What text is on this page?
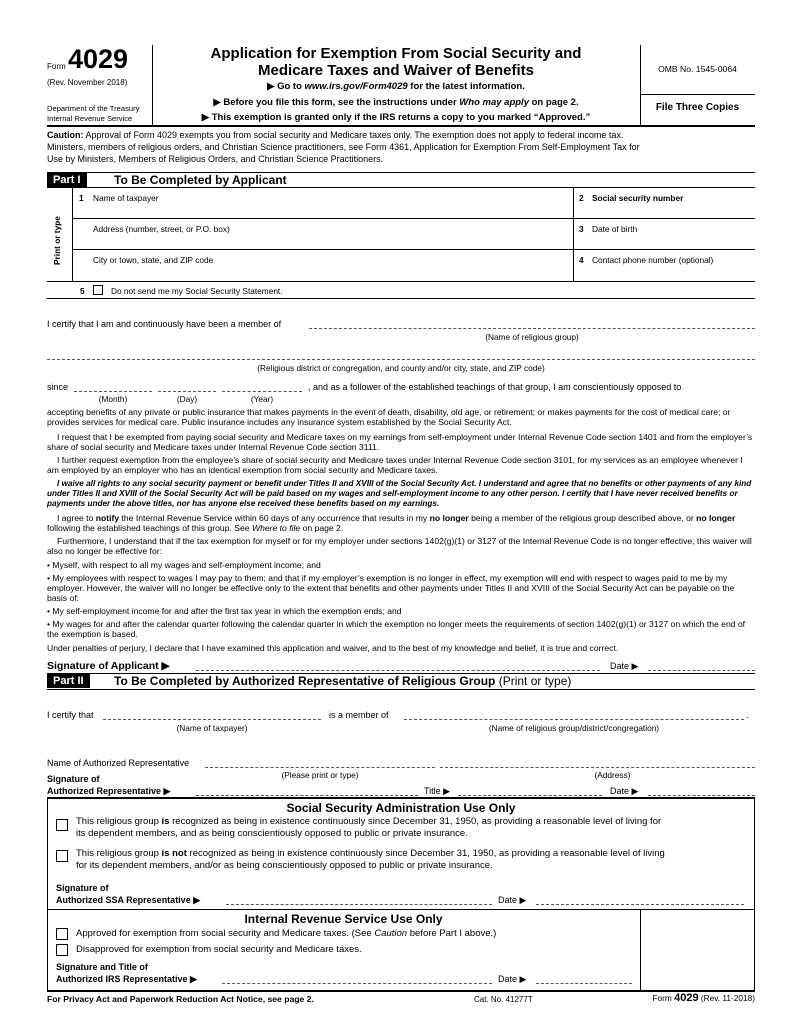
Form 4029
(Rev. November 2018)
Department of the Treasury
Internal Revenue Service
Application for Exemption From Social Security and
Medicare Taxes and Waiver of Benefits
▶ Go to www.irs.gov/Form4029 for the latest information.
▶ Before you file this form, see the instructions under Who may apply on page 2.
▶ This exemption is granted only if the IRS returns a copy to you marked “Approved.”
OMB No. 1545-0064
File Three Copies
Caution: Approval of Form 4029 exempts you from social security and Medicare taxes only. The exemption does not apply to federal income tax.
Ministers, members of religious orders, and Christian Science practitioners, see Form 4361, Application for Exemption From Self-Employment Tax for
Use by Ministers, Members of Religious Orders, and Christian Science Practitioners.
Part I	To Be Completed by Applicant
Print or type
1 Name of taxpayer	2 Social security number
Address (number, street, or P.O. box)	3 Date of birth
City or town, state, and ZIP code	4 Contact phone number (optional)
5	Do not send me my Social Security Statement.
I certify that I am and continuously have been a member of
(Name of religious group)
(Religious district or congregation, and county and/or city, state, and ZIP code)
since	, and as a follower of the established teachings of that group, I am conscientiously opposed to
(Month)	(Day)	(Year)
accepting benefits of any private or public insurance that makes payments in the event of death, disability, old age, or retirement; or makes payments for the cost of medical care; or provides services for medical care. Public insurance includes any insurance system established by the Social Security Act.
I request that I be exempted from paying social security and Medicare taxes on my earnings from self-employment under Internal Revenue Code section 1401 and from the employer’s share of social security and Medicare taxes under Internal Revenue Code section 3111.
I further request exemption from the employee’s share of social security and Medicare taxes under Internal Revenue Code section 3101, for my services as an employee whenever I am employed by an employer who has an identical exemption from social security and Medicare taxes.
I waive all rights to any social security payment or benefit under Titles II and XVIII of the Social Security Act. I understand and agree that no benefits or other payments of any kind under Titles II and XVIII of the Social Security Act will be paid based on my wages and self-employment income to any other person. I certify that I have never received benefits or payments under the above titles, nor has anyone else received these benefits based on my earnings.
I agree to notify the Internal Revenue Service within 60 days of any occurrence that results in my no longer being a member of the religious group described above, or no longer following the established teachings of this group. See Where to file on page 2.
Furthermore, I understand that if the tax exemption for myself or for my employer under sections 1402(g)(1) or 3127 of the Internal Revenue Code is no longer effective, this waiver will also no longer be effective for:
• Myself, with respect to all my wages and self-employment income; and
• My employees with respect to wages I may pay to them; and that if my employer’s exemption is no longer in effect, my exemption will end with respect to wages paid to me by my employer. However, the waiver will no longer be effective only to the extent that benefits and other payments under Titles II and XVIII of the Social Security Act can be payable on the basis of:
• My self-employment income for and after the first tax year in which the exemption ends; and
• My wages for and after the calendar quarter following the calendar quarter in which the exemption no longer meets the requirements of section 1402(g)(1) or 3127 on which the end of the exemption is based.
Under penalties of perjury, I declare that I have examined this application and waiver, and to the best of my knowledge and belief, it is true and correct.
Signature of Applicant ▶	Date ▶
Part II	To Be Completed by Authorized Representative of Religious Group (Print or type)
I certify that	is a member of	.
(Name of taxpayer)	(Name of religious group/district/congregation)
Name of Authorized Representative
(Please print or type)	(Address)
Signature of
Authorized Representative ▶	Title ▶	Date ▶
Social Security Administration Use Only
This religious group is recognized as being in existence continuously since December 31, 1950, as providing a reasonable level of living for
its dependent members, and as being conscientiously opposed to public or private insurance.
This religious group is not recognized as being in existence continuously since December 31, 1950, as providing a reasonable level of living
for its dependent members, and/or as being conscientiously opposed to public or private insurance.
Signature of
Authorized SSA Representative ▶	Date ▶
Internal Revenue Service Use Only
Approved for exemption from social security and Medicare taxes. (See Caution before Part I above.)
Disapproved for exemption from social security and Medicare taxes.
Signature and Title of
Authorized IRS Representative ▶	Date ▶
For Privacy Act and Paperwork Reduction Act Notice, see page 2.	Cat. No. 41277T	Form 4029 (Rev. 11-2018)
